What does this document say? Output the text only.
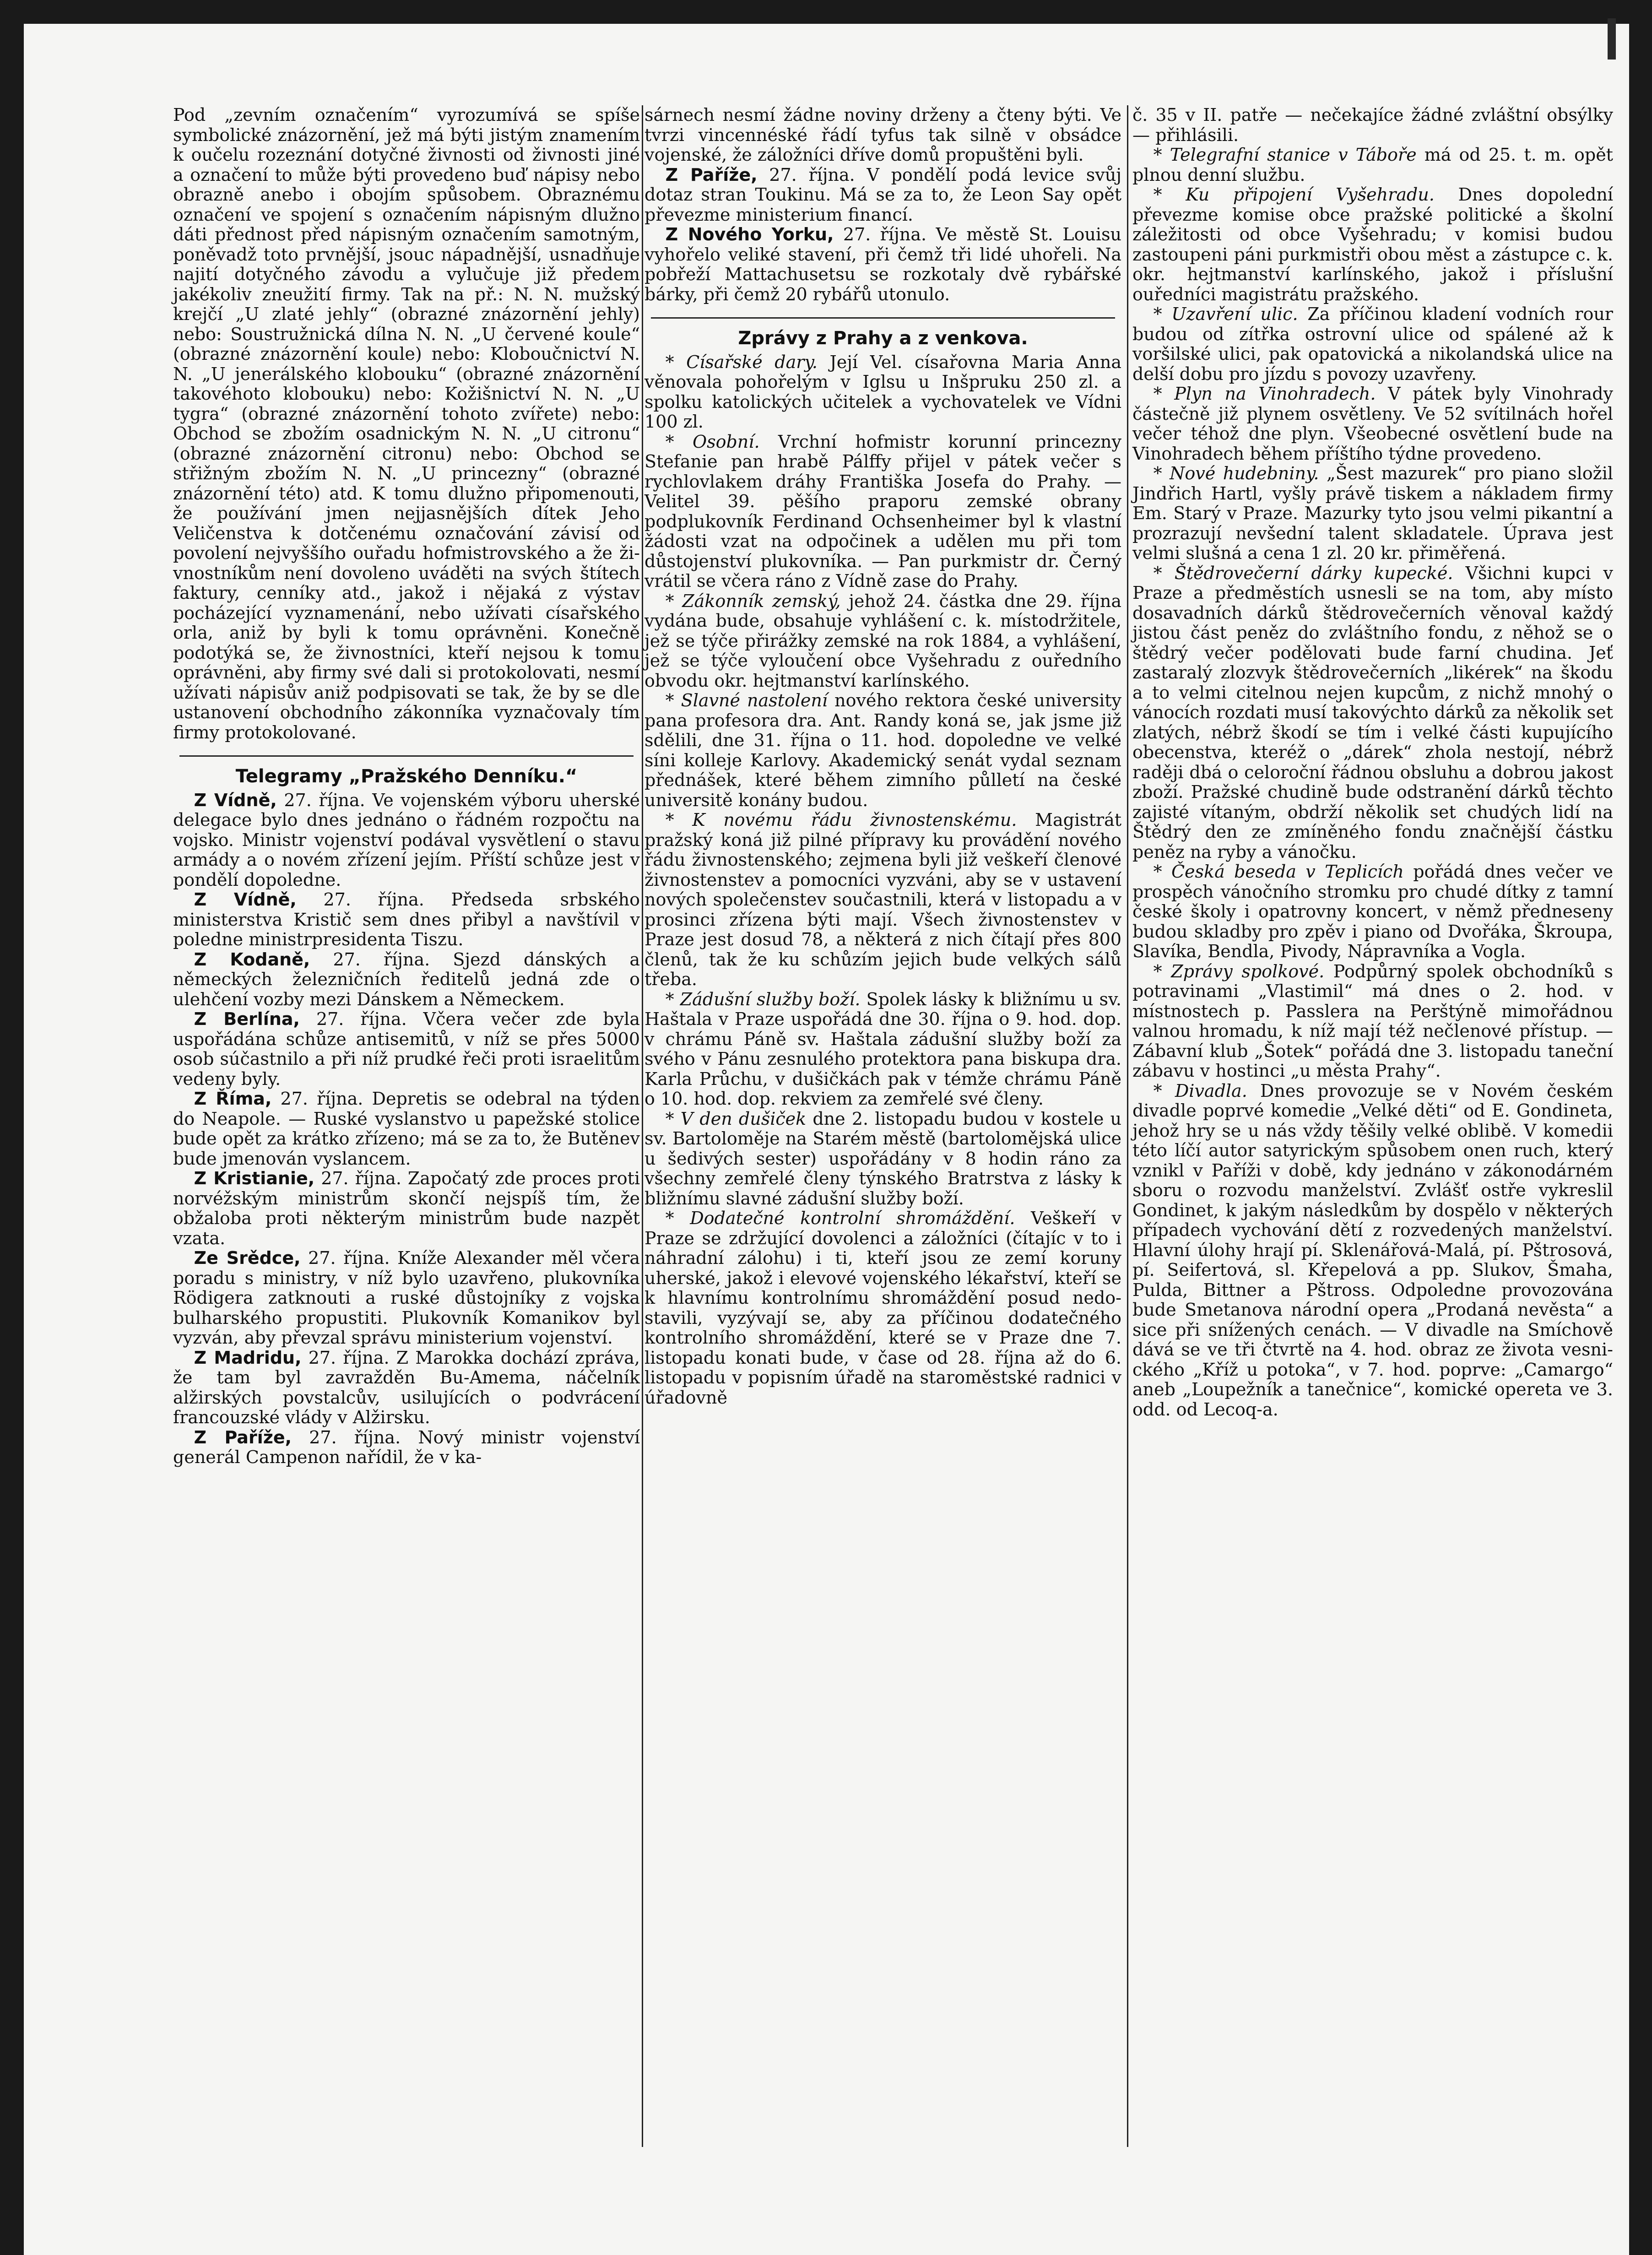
Pod „zevním označením“ vyrozumívá se spíše symbolické znázornění, jež má býti jistým znamením k oučelu rozeznání dotyčné živnosti od živnosti jiné a označení to může býti provedeno buď nápisy nebo obrazně anebo i obojím spůsobem. Obraznému označení ve spojení s označením nápisným dlužno dáti přednost před nápisným označením samotným, poněvadž toto prvnější, jsouc nápadnější, usnadňuje najití dotyčného závodu a vylučuje již předem jakékoliv zneužití firmy. Tak na př.: N. N. mužský krejčí „U zlaté jehly“ (obrazné znázornění jehly) nebo: Soustružnická dílna N. N. „U červené koule“ (obrazné znázornění koule) nebo: Kloboučnictví N. N. „U jenerálského klobouku“ (obrazné znázornění takovéhoto klobouku) nebo: Kožišnictví N. N. „U tygra“ (obrazné znázornění tohoto zvířete) nebo: Obchod se zbožím osadnickým N. N. „U citronu“ (obrazné znázornění citronu) nebo: Obchod se střižným zbožím N. N. „U princezny“ (obrazné znázornění této) atd. K tomu dlužno připomenouti, že používání jmen nejjasnějších dítek Jeho Veličenstva k dotčenému označování závisí od povolení nejvyššího ouřadu hofmistrovského a že živnostníkům není dovoleno uváděti na svých štítech faktury, cenníky atd., jakož i nějaká z výstav pocházející vyznamenání, nebo užívati císařského orla, aniž by byli k tomu oprávněni. Konečně podotýká se, že živnostníci, kteří nejsou k tomu oprávněni, aby firmy své dali si protokolovati, nesmí užívati nápisův aniž podpisovati se tak, že by se dle ustanovení obchodního zákonníka vyznačovaly tím firmy protokolované.

Telegramy „Pražského Denníku.“

Z Vídně, 27. října. Ve vojenském výboru uherské delegace bylo dnes jednáno o řádném rozpočtu na vojsko. Ministr vojenství podával vysvětlení o stavu armády a o novém zřízení jejím. Příští schůze jest v pondělí dopoledne.

Z Vídně, 27. října. Předseda srbského ministerstva Kristič sem dnes přibyl a navštívil v poledne ministrpresidenta Tiszu.

Z Kodaně, 27. října. Sjezd dánských a německých železničních ředitelů jedná zde o ulehčení vozby mezi Dánskem a Německem.

Z Berlína, 27. října. Včera večer zde byla uspořádána schůze antisemitů, v níž se přes 5000 osob súčastnilo a při níž prudké řeči proti israelitům vedeny byly.

Z Říma, 27. října. Depretis se odebral na týden do Neapole. — Ruské vyslanstvo u papežské stolice bude opět za krátko zřízeno; má se za to, že Butěnev bude jmenován vyslancem.

Z Kristianie, 27. října. Započatý zde proces proti norvéžským ministrům skončí nejspíš tím, že obžaloba proti některým ministrům bude nazpět vzata.

Ze Srědce, 27. října. Kníže Alexander měl včera poradu s ministry, v níž bylo uzavřeno, plukovníka Rödigera zatknouti a ruské důstojníky z vojska bulharského propustiti. Plukovník Komanikov byl vyzván, aby převzal správu ministerium vojenství.

Z Madridu, 27. října. Z Marokka dochází zpráva, že tam byl zavražděn Bu-Amema, náčelník alžirských povstalcův, usilujících o podvrácení francouzské vlády v Alžirsku.

Z Paříže, 27. října. Nový ministr vojenství generál Campenon nařídil, že v ka-

sárnech nesmí žádne noviny drženy a čteny býti. Ve tvrzi vincennéské řádí tyfus tak silně v obsádce vojenské, že záložníci dříve domů propuštěni byli.

Z Paříže, 27. října. V pondělí podá levice svůj dotaz stran Toukinu. Má se za to, že Leon Say opět převezme ministerium financí.

Z Nového Yorku, 27. října. Ve městě St. Louisu vyhořelo veliké stavení, při čemž tři lidé uhořeli. Na pobřeží Mattachusetsu se rozkotaly dvě rybářské bárky, při čemž 20 rybářů utonulo.

Zprávy z Prahy a z venkova.

* Císařské dary. Její Vel. císařovna Maria Anna věnovala pohořelým v Iglsu u Inšpruku 250 zl. a spolku katolických učitelek a vychovatelek ve Vídni 100 zl.

* Osobní. Vrchní hofmistr korunní princezny Stefanie pan hrabě Pálffy přijel v pátek večer s rychlovlakem dráhy Františka Josefa do Prahy. — Velitel 39. pěšího praporu zemské obrany podplukovník Ferdinand Ochsenheimer byl k vlastní žádosti vzat na odpočinek a udělen mu při tom důstojenství plukovníka. — Pan purkmistr dr. Černý vrátil se včera ráno z Vídně zase do Prahy.

* Zákonník zemský, jehož 24. částka dne 29. října vydána bude, obsahuje vyhlášení c. k. místodržitele, jež se týče přirážky zemské na rok 1884, a vyhlášení, jež se týče vyloučení obce Vyšehradu z ouředního obvodu okr. hejtmanství karlínského.

* Slavné nastolení nového rektora české university pana profesora dra. Ant. Randy koná se, jak jsme již sdělili, dne 31. října o 11. hod. dopoledne ve velké síni kolleje Karlovy. Akademický senát vydal seznam přednášek, které během zimního půlletí na české universitě konány budou.

* K novému řádu živnostenskému. Magistrát pražský koná již pilné přípravy ku provádění nového řádu živnostenského; zejmena byli již veškeří členové živnostenstev a pomocníci vyzváni, aby se v ustavení nových společenstev součastnili, která v listopadu a v prosinci zřízena býti mají. Všech živnostenstev v Praze jest dosud 78, a některá z nich čítají přes 800 členů, tak že ku schůzím jejich bude velkých sálů třeba.

* Zádušní služby boží. Spolek lásky k bližnímu u sv. Haštala v Praze uspořádá dne 30. října o 9. hod. dop. v chrámu Páně sv. Haštala zádušní služby boží za svého v Pánu zesnulého protektora pana biskupa dra. Karla Průchu, v dušičkách pak v témže chrámu Páně o 10. hod. dop. rekviem za zemřelé své členy.

* V den dušiček dne 2. listopadu budou v kostele u sv. Bartoloměje na Starém městě (bartolomějská ulice u šedivých sester) uspořádány v 8 hodin ráno za všechny zemřelé členy týnského Bratrstva z lásky k bližnímu slavné zádušní služby boží.

* Dodatečné kontrolní shromáždění. Veškeří v Praze se zdržující dovolenci a záložníci (čítajíc v to i náhradní zálohu) i ti, kteří jsou ze zemí koruny uherské, jakož i elevové vojenského lékařství, kteří se k hlavnímu kontrolnímu shromáždění posud nedostavili, vyzývají se, aby za příčinou dodatečného kontrolního shromáždění, které se v Praze dne 7. listopadu konati bude, v čase od 28. října až do 6. listopadu v popisním úřadě na staroměstské radnici v úřadovně

č. 35 v II. patře — nečekajíce žádné zvláštní obsýlky — přihlásili.

* Telegrafní stanice v Táboře má od 25. t. m. opět plnou denní službu.

* Ku připojení Vyšehradu. Dnes dopolední převezme komise obce pražské politické a školní záležitosti od obce Vyšehradu; v komisi budou zastoupeni páni purkmistři obou měst a zástupce c. k. okr. hejtmanství karlínského, jakož i příslušní ouředníci magistrátu pražského.

* Uzavření ulic. Za příčinou kladení vodních rour budou od zítřka ostrovní ulice od spálené až k voršilské ulici, pak opatovická a nikolandská ulice na delší dobu pro jízdu s povozy uzavřeny.

* Plyn na Vinohradech. V pátek byly Vinohrady částečně již plynem osvětleny. Ve 52 svítilnách hořel večer téhož dne plyn. Všeobecné osvětlení bude na Vinohradech během příštího týdne provedeno.

* Nové hudebniny. „Šest mazurek“ pro piano složil Jindřich Hartl, vyšly právě tiskem a nákladem firmy Em. Starý v Praze. Mazurky tyto jsou velmi pikantní a prozrazují nevšední talent skladatele. Úprava jest velmi slušná a cena 1 zl. 20 kr. přiměřená.

* Štědrovečerní dárky kupecké. Všichni kupci v Praze a předměstích usnesli se na tom, aby místo dosavadních dárků štědrovečerních věnoval každý jistou část peněz do zvláštního fondu, z něhož se o štědrý večer podělovati bude farní chudina. Jeť zastaralý zlozvyk štědrovečerních „likérek“ na škodu a to velmi citelnou nejen kupcům, z nichž mnohý o vánocích rozdati musí takovýchto dárků za několik set zlatých, nébrž škodí se tím i velké části kupujícího obecenstva, kteréž o „dárek“ zhola nestojí, nébrž raději dbá o celoroční řádnou obsluhu a dobrou jakost zboží. Pražské chudině bude odstranění dárků těchto zajisté vítaným, obdrží několik set chudých lidí na Štědrý den ze zmíněného fondu značnější částku peněz na ryby a vánočku.

* Česká beseda v Teplicích pořádá dnes večer ve prospěch vánočního stromku pro chudé dítky z tamní české školy i opatrovny koncert, v němž předneseny budou skladby pro zpěv i piano od Dvořáka, Škroupa, Slavíka, Bendla, Pivody, Nápravníka a Vogla.

* Zprávy spolkové. Podpůrný spolek obchodníků s potravinami „Vlastimil“ má dnes o 2. hod. v místnostech p. Passlera na Perštýně mimořádnou valnou hromadu, k níž mají též nečlenové přístup. — Zábavní klub „Šotek“ pořádá dne 3. listopadu taneční zábavu v hostinci „u města Prahy“.

* Divadla. Dnes provozuje se v Novém českém divadle poprvé komedie „Velké děti“ od E. Gondineta, jehož hry se u nás vždy těšily velké oblibě. V komedii této líčí autor satyrickým spůsobem onen ruch, který vznikl v Paříži v době, kdy jednáno v zákonodárném sboru o rozvodu manželství. Zvlášť ostře vykreslil Gondinet, k jakým následkům by dospělo v některých případech vychování dětí z rozvedených manželství. Hlavní úlohy hrají pí. Sklenářová-Malá, pí. Pštrosová, pí. Seifertová, sl. Křepelová a pp. Slukov, Šmaha, Pulda, Bittner a Pštross. Odpoledne provozována bude Smetanova národní opera „Prodaná nevěsta“ a sice při snížených cenách. — V divadle na Smíchově dává se ve tři čtvrtě na 4. hod. obraz ze života vesnického „Kříž u potoka“, v 7. hod. poprve: „Camargo“ aneb „Loupežník a tanečnice“, komické opereta ve 3. odd. od Lecoq-a.
